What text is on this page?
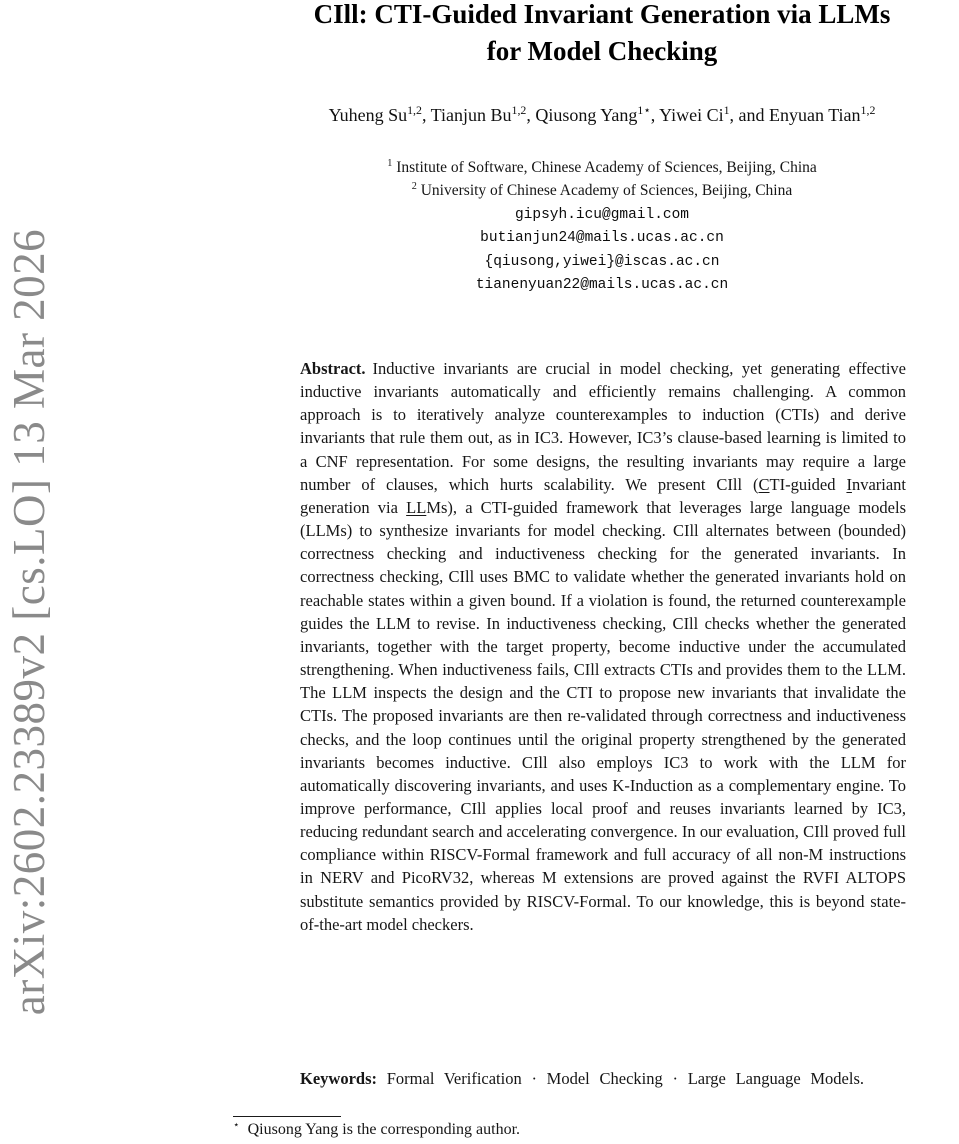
arXiv:2602.23389v2 [cs.LO] 13 Mar 2026
CIll: CTI-Guided Invariant Generation via LLMs
for Model Checking
Yuheng Su$^{1,2}$, Tianjun Bu$^{1,2}$, Qiusong Yang$^{1⋆}$, Yiwei Ci$^1$, and Enyuan Tian$^{1,2}$
$^1$ Institute of Software, Chinese Academy of Sciences, Beijing, China
$^2$ University of Chinese Academy of Sciences, Beijing, China
gipsyh.icu@gmail.com
butianjun24@mails.ucas.ac.cn
{qiusong,yiwei}@iscas.ac.cn
tianenyuan22@mails.ucas.ac.cn
Abstract. Inductive invariants are crucial in model checking, yet generating effective inductive invariants automatically and efficiently remains challenging. A common approach is to iteratively analyze counterexamples to induction (CTIs) and derive invariants that rule them out, as in IC3. However, IC3’s clause-based learning is limited to a CNF representation. For some designs, the resulting invariants may require a large number of clauses, which hurts scalability. We present CIll (CTI-guided Invariant generation via LLMs), a CTI-guided framework that leverages large language models (LLMs) to synthesize invariants for model checking. CIll alternates between (bounded) correctness checking and inductiveness checking for the generated invariants. In correctness checking, CIll uses BMC to validate whether the generated invariants hold on reachable states within a given bound. If a violation is found, the returned counterexample guides the LLM to revise. In inductiveness checking, CIll checks whether the generated invariants, together with the target property, become inductive under the accumulated strengthening. When inductiveness fails, CIll extracts CTIs and provides them to the LLM. The LLM inspects the design and the CTI to propose new invariants that invalidate the CTIs. The proposed invariants are then re-validated through correctness and inductiveness checks, and the loop continues until the original property strengthened by the generated invariants becomes inductive. CIll also employs IC3 to work with the LLM for automatically discovering invariants, and uses K-Induction as a complementary engine. To improve performance, CIll applies local proof and reuses invariants learned by IC3, reducing redundant search and accelerating convergence. In our evaluation, CIll proved full compliance within RISCV-Formal framework and full accuracy of all non-M instructions in NERV and PicoRV32, whereas M extensions are proved against the RVFI ALTOPS substitute semantics provided by RISCV-Formal. To our knowledge, this is beyond state-of-the-art model checkers.
Keywords: Formal Verification · Model Checking · Large Language Models.
⋆ Qiusong Yang is the corresponding author.
